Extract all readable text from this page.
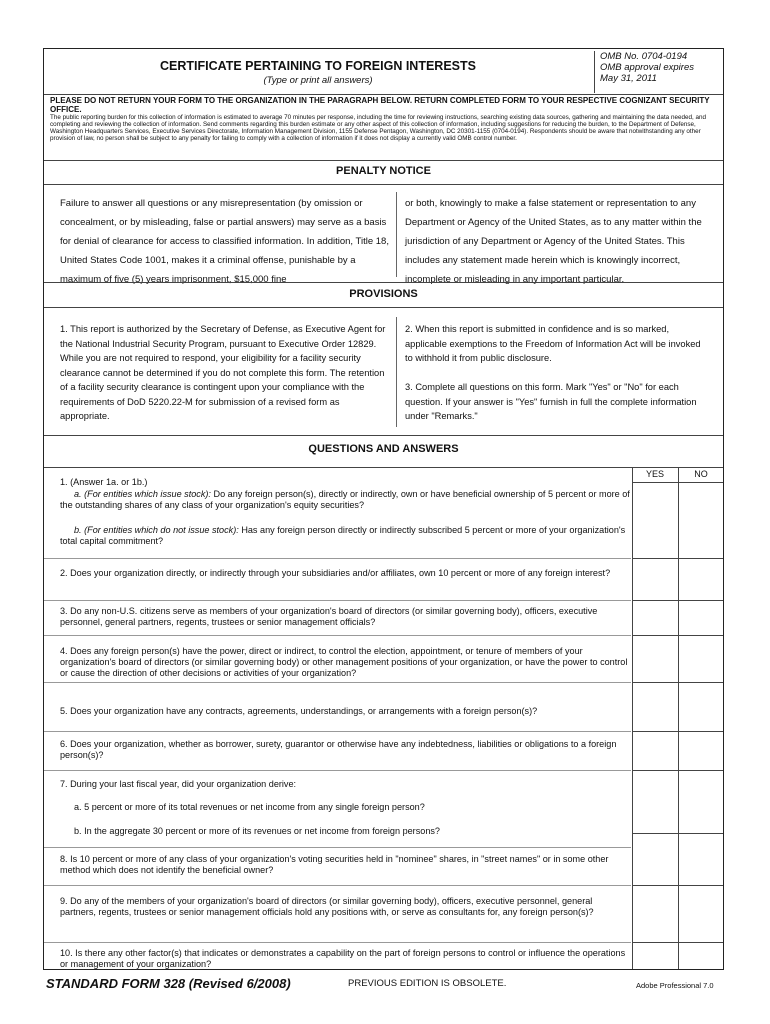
CERTIFICATE PERTAINING TO FOREIGN INTERESTS
(Type or print all answers)
OMB No. 0704-0194
OMB approval expires
May 31, 2011
PLEASE DO NOT RETURN YOUR FORM TO THE ORGANIZATION IN THE PARAGRAPH BELOW. RETURN COMPLETED FORM TO YOUR RESPECTIVE COGNIZANT SECURITY OFFICE.
The public reporting burden for this collection of information is estimated to average 70 minutes per response, including the time for reviewing instructions, searching existing data sources, gathering and maintaining the data needed, and completing and reviewing the collection of information. Send comments regarding this burden estimate or any other aspect of this collection of information, including suggestions for reducing the burden, to the Department of Defense, Washington Headquarters Services, Executive Services Directorate, Information Management Division, 1155 Defense Pentagon, Washington, DC 20301-1155 (0704-0194). Respondents should be aware that notwithstanding any other provision of law, no person shall be subject to any penalty for failing to comply with a collection of information if it does not display a currently valid OMB control number.
PENALTY NOTICE
Failure to answer all questions or any misrepresentation (by omission or concealment, or by misleading, false or partial answers) may serve as a basis for denial of clearance for access to classified information. In addition, Title 18, United States Code 1001, makes it a criminal offense, punishable by a maximum of five (5) years imprisonment, $15,000 fine
or both, knowingly to make a false statement or representation to any Department or Agency of the United States, as to any matter within the jurisdiction of any Department or Agency of the United States. This includes any statement made herein which is knowingly incorrect, incomplete or misleading in any important particular.
PROVISIONS
1. This report is authorized by the Secretary of Defense, as Executive Agent for the National Industrial Security Program, pursuant to Executive Order 12829. While you are not required to respond, your eligibility for a facility security clearance cannot be determined if you do not complete this form. The retention of a facility security clearance is contingent upon your compliance with the requirements of DoD 5220.22-M for submission of a revised form as appropriate.
2. When this report is submitted in confidence and is so marked, applicable exemptions to the Freedom of Information Act will be invoked to withhold it from public disclosure.
3. Complete all questions on this form. Mark "Yes" or "No" for each question. If your answer is "Yes" furnish in full the complete information under "Remarks."
QUESTIONS AND ANSWERS
YES	NO
1. (Answer 1a. or 1b.)
a. (For entities which issue stock): Do any foreign person(s), directly or indirectly, own or have beneficial ownership of 5 percent or more of the outstanding shares of any class of your organization's equity securities?
b. (For entities which do not issue stock): Has any foreign person directly or indirectly subscribed 5 percent or more of your organization's total capital commitment?
2. Does your organization directly, or indirectly through your subsidiaries and/or affiliates, own 10 percent or more of any foreign interest?
3. Do any non-U.S. citizens serve as members of your organization's board of directors (or similar governing body), officers, executive personnel, general partners, regents, trustees or senior management officials?
4. Does any foreign person(s) have the power, direct or indirect, to control the election, appointment, or tenure of members of your organization's board of directors (or similar governing body) or other management positions of your organization, or have the power to control or cause the direction of other decisions or activities of your organization?
5. Does your organization have any contracts, agreements, understandings, or arrangements with a foreign person(s)?
6. Does your organization, whether as borrower, surety, guarantor or otherwise have any indebtedness, liabilities or obligations to a foreign person(s)?
7. During your last fiscal year, did your organization derive:
a. 5 percent or more of its total revenues or net income from any single foreign person?
b. In the aggregate 30 percent or more of its revenues or net income from foreign persons?
8. Is 10 percent or more of any class of your organization's voting securities held in "nominee" shares, in "street names" or in some other method which does not identify the beneficial owner?
9. Do any of the members of your organization's board of directors (or similar governing body), officers, executive personnel, general partners, regents, trustees or senior management officials hold any positions with, or serve as consultants for, any foreign person(s)?
10. Is there any other factor(s) that indicates or demonstrates a capability on the part of foreign persons to control or influence the operations or management of your organization?
STANDARD FORM 328 (Revised 6/2008)	PREVIOUS EDITION IS OBSOLETE.	Adobe Professional 7.0
